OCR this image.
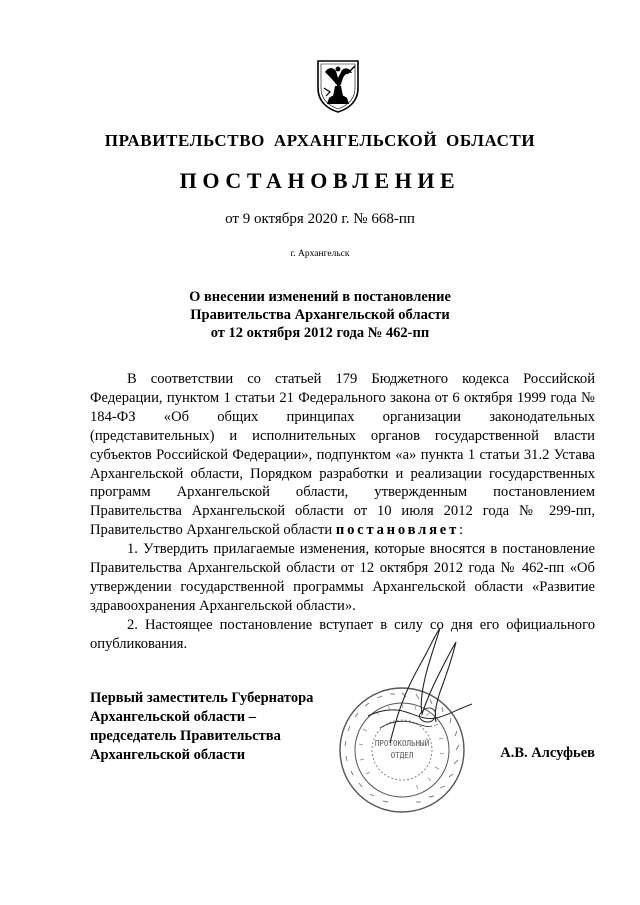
ПРАВИТЕЛЬСТВО АРХАНГЕЛЬСКОЙ ОБЛАСТИ
ПОСТАНОВЛЕНИЕ
от 9 октября 2020 г. № 668-пп
г. Архангельск
О внесении изменений в постановление
Правительства Архангельской области
от 12 октября 2012 года № 462-пп

В соответствии со статьей 179 Бюджетного кодекса Российской Федерации, пунктом 1 статьи 21 Федерального закона от 6 октября 1999 года № 184-ФЗ «Об общих принципах организации законодательных (представительных) и исполнительных органов государственной власти субъектов Российской Федерации», подпунктом «а» пункта 1 статьи 31.2 Устава Архангельской области, Порядком разработки и реализации государственных программ Архангельской области, утвержденным постановлением Правительства Архангельской области от 10 июля 2012 года № 299-пп, Правительство Архангельской области постановляет:

1. Утвердить прилагаемые изменения, которые вносятся в постановление Правительства Архангельской области от 12 октября 2012 года № 462-пп «Об утверждении государственной программы Архангельской области «Развитие здравоохранения Архангельской области».

2. Настоящее постановление вступает в силу со дня его официального опубликования.

Первый заместитель Губернатора
Архангельской области –
председатель Правительства
Архангельской области
ПРОТОКОЛЬНЫЙ
ОТДЕЛ	А.В. Алсуфьев
